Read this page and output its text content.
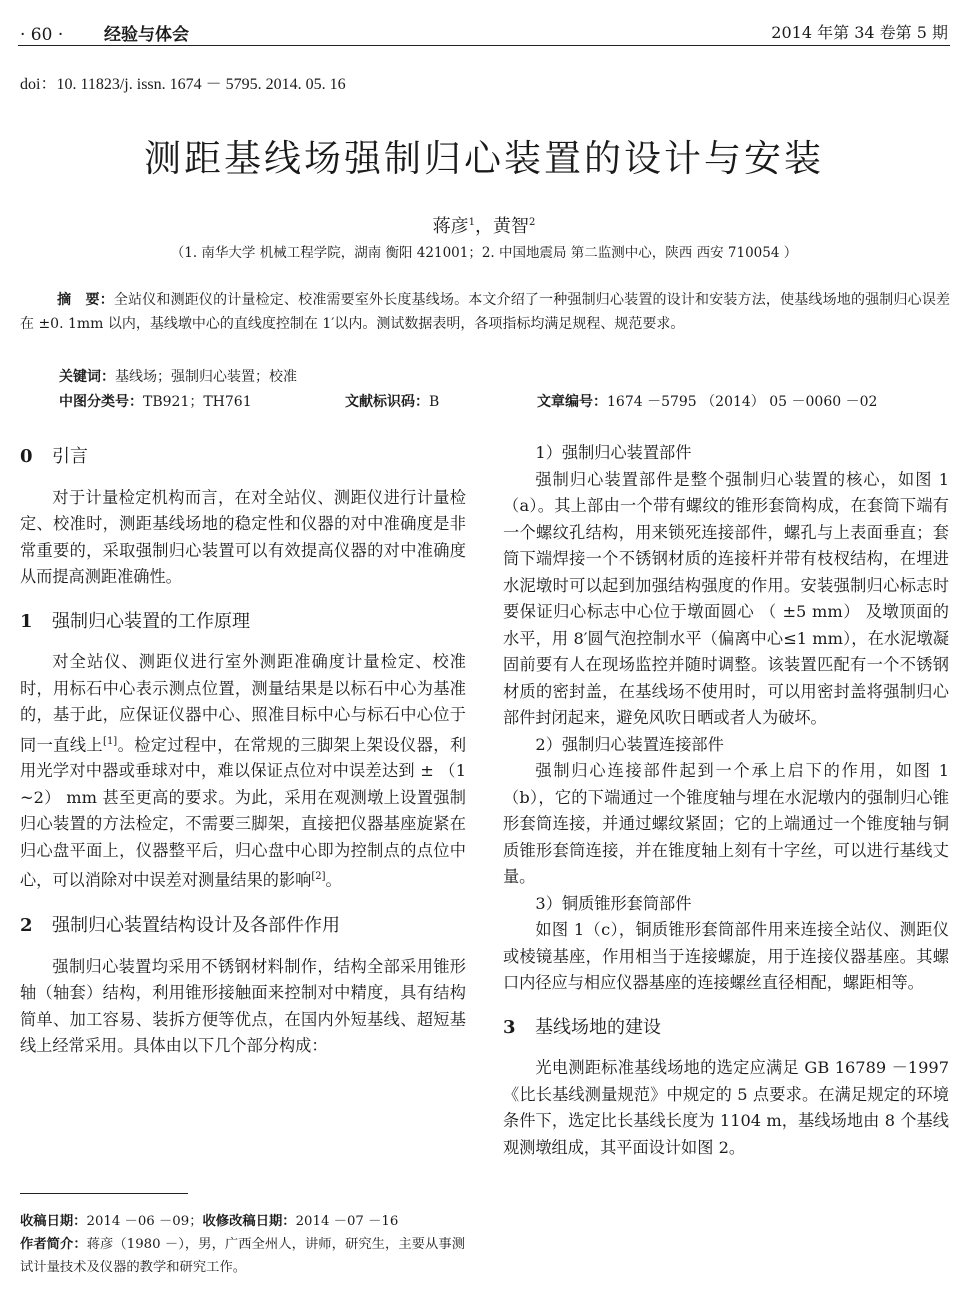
· 60 · 经验与体会	2014 年第 34 卷第 5 期
doi：10. 11823/j. issn. 1674 － 5795. 2014. 05. 16
测距基线场强制归心装置的设计与安装
蒋彦$^1$，黄智$^2$
（1. 南华大学 机械工程学院，湖南 衡阳 421001；2. 中国地震局 第二监测中心，陕西 西安 710054 ）
摘　要：全站仪和测距仪的计量检定、校准需要室外长度基线场。本文介绍了一种强制归心装置的设计和安装方法，使基线场地的强制归心误差在 ±0. 1mm 以内，基线墩中心的直线度控制在 1′以内。测试数据表明，各项指标均满足规程、规范要求。
关键词：基线场；强制归心装置；校准
中图分类号：TB921；TH761	文献标识码：B	文章编号：1674 －5795 （2014） 05 －0060 －02
0 引言

对于计量检定机构而言，在对全站仪、测距仪进行计量检定、校准时，测距基线场地的稳定性和仪器的对中准确度是非常重要的，采取强制归心装置可以有效提高仪器的对中准确度从而提高测距准确性。

1 强制归心装置的工作原理

对全站仪、测距仪进行室外测距准确度计量检定、校准时，用标石中心表示测点位置，测量结果是以标石中心为基准的，基于此，应保证仪器中心、照准目标中心与标石中心位于同一直线上[1]。检定过程中，在常规的三脚架上架设仪器，利用光学对中器或垂球对中，难以保证点位对中误差达到 ± （1 ~2） mm 甚至更高的要求。为此，采用在观测墩上设置强制归心装置的方法检定，不需要三脚架，直接把仪器基座旋紧在归心盘平面上，仪器整平后，归心盘中心即为控制点的点位中心，可以消除对中误差对测量结果的影响[2]。

2 强制归心装置结构设计及各部件作用

强制归心装置均采用不锈钢材料制作，结构全部采用锥形轴（轴套）结构，利用锥形接触面来控制对中精度，具有结构简单、加工容易、装拆方便等优点，在国内外短基线、超短基线上经常采用。具体由以下几个部分构成：

1）强制归心装置部件

强制归心装置部件是整个强制归心装置的核心，如图 1（a）。其上部由一个带有螺纹的锥形套筒构成，在套筒下端有一个螺纹孔结构，用来锁死连接部件，螺孔与上表面垂直；套筒下端焊接一个不锈钢材质的连接杆并带有枝杈结构，在埋进水泥墩时可以起到加强结构强度的作用。安装强制归心标志时要保证归心标志中心位于墩面圆心 （ ±5 mm） 及墩顶面的水平，用 8′圆气泡控制水平（偏离中心≤1 mm），在水泥墩凝固前要有人在现场监控并随时调整。该装置匹配有一个不锈钢材质的密封盖，在基线场不使用时，可以用密封盖将强制归心部件封闭起来，避免风吹日晒或者人为破坏。

2）强制归心装置连接部件

强制归心连接部件起到一个承上启下的作用，如图 1（b），它的下端通过一个锥度轴与埋在水泥墩内的强制归心锥形套筒连接，并通过螺纹紧固；它的上端通过一个锥度轴与铜质锥形套筒连接，并在锥度轴上刻有十字丝，可以进行基线丈量。

3）铜质锥形套筒部件

如图 1（c），铜质锥形套筒部件用来连接全站仪、测距仪或棱镜基座，作用相当于连接螺旋，用于连接仪器基座。其螺口内径应与相应仪器基座的连接螺丝直径相配，螺距相等。

3 基线场地的建设

光电测距标准基线场地的选定应满足 GB 16789 －1997《比长基线测量规范》中规定的 5 点要求。在满足规定的环境条件下，选定比长基线长度为 1104 m，基线场地由 8 个基线观测墩组成，其平面设计如图 2。

收稿日期：2014 －06 －09；收修改稿日期：2014 －07 －16
作者简介：蒋彦（1980 －），男，广西全州人，讲师，研究生，主要从事测试计量技术及仪器的教学和研究工作。
